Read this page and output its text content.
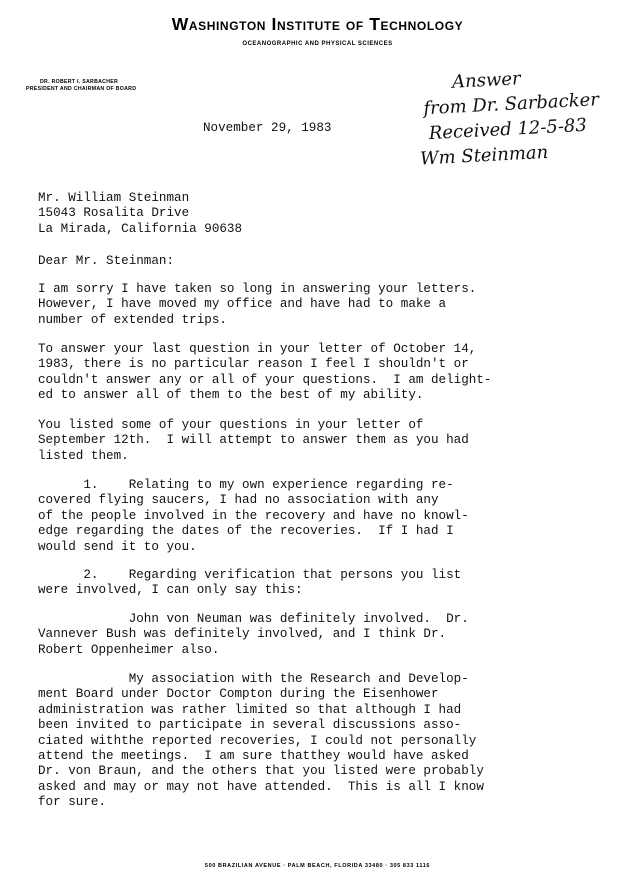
Washington Institute of Technology
OCEANOGRAPHIC AND PHYSICAL SCIENCES
DR. ROBERT I. SARBACHER
PRESIDENT AND CHAIRMAN OF BOARD	Answer
from Dr. Sarbacker
Received 12-5-83
Wm Steinman
November 29, 1983

Mr. William Steinman

15043 Rosalita Drive

La Mirada, California 90638

Dear Mr. Steinman:

I am sorry I have taken so long in answering your letters.
However, I have moved my office and have had to make a
number of extended trips.

To answer your last question in your letter of October 14,
1983, there is no particular reason I feel I shouldn't or
couldn't answer any or all of your questions.  I am delight-
ed to answer all of them to the best of my ability.

You listed some of your questions in your letter of
September 12th.  I will attempt to answer them as you had
listed them.

1.    Relating to my own experience regarding re-
covered flying saucers, I had no association with any
of the people involved in the recovery and have no knowl-
edge regarding the dates of the recoveries.  If I had I
would send it to you.

2.    Regarding verification that persons you list
were involved, I can only say this:

John von Neuman was definitely involved.  Dr.
Vannever Bush was definitely involved, and I think Dr.
Robert Oppenheimer also.

My association with the Research and Develop-
ment Board under Doctor Compton during the Eisenhower
administration was rather limited so that although I had
been invited to participate in several discussions asso-
ciated withthe reported recoveries, I could not personally
attend the meetings.  I am sure thatthey would have asked
Dr. von Braun, and the others that you listed were probably
asked and may or may not have attended.  This is all I know
for sure.

500 BRAZILIAN AVENUE · PALM BEACH, FLORIDA 33480 · 305 833 1116
